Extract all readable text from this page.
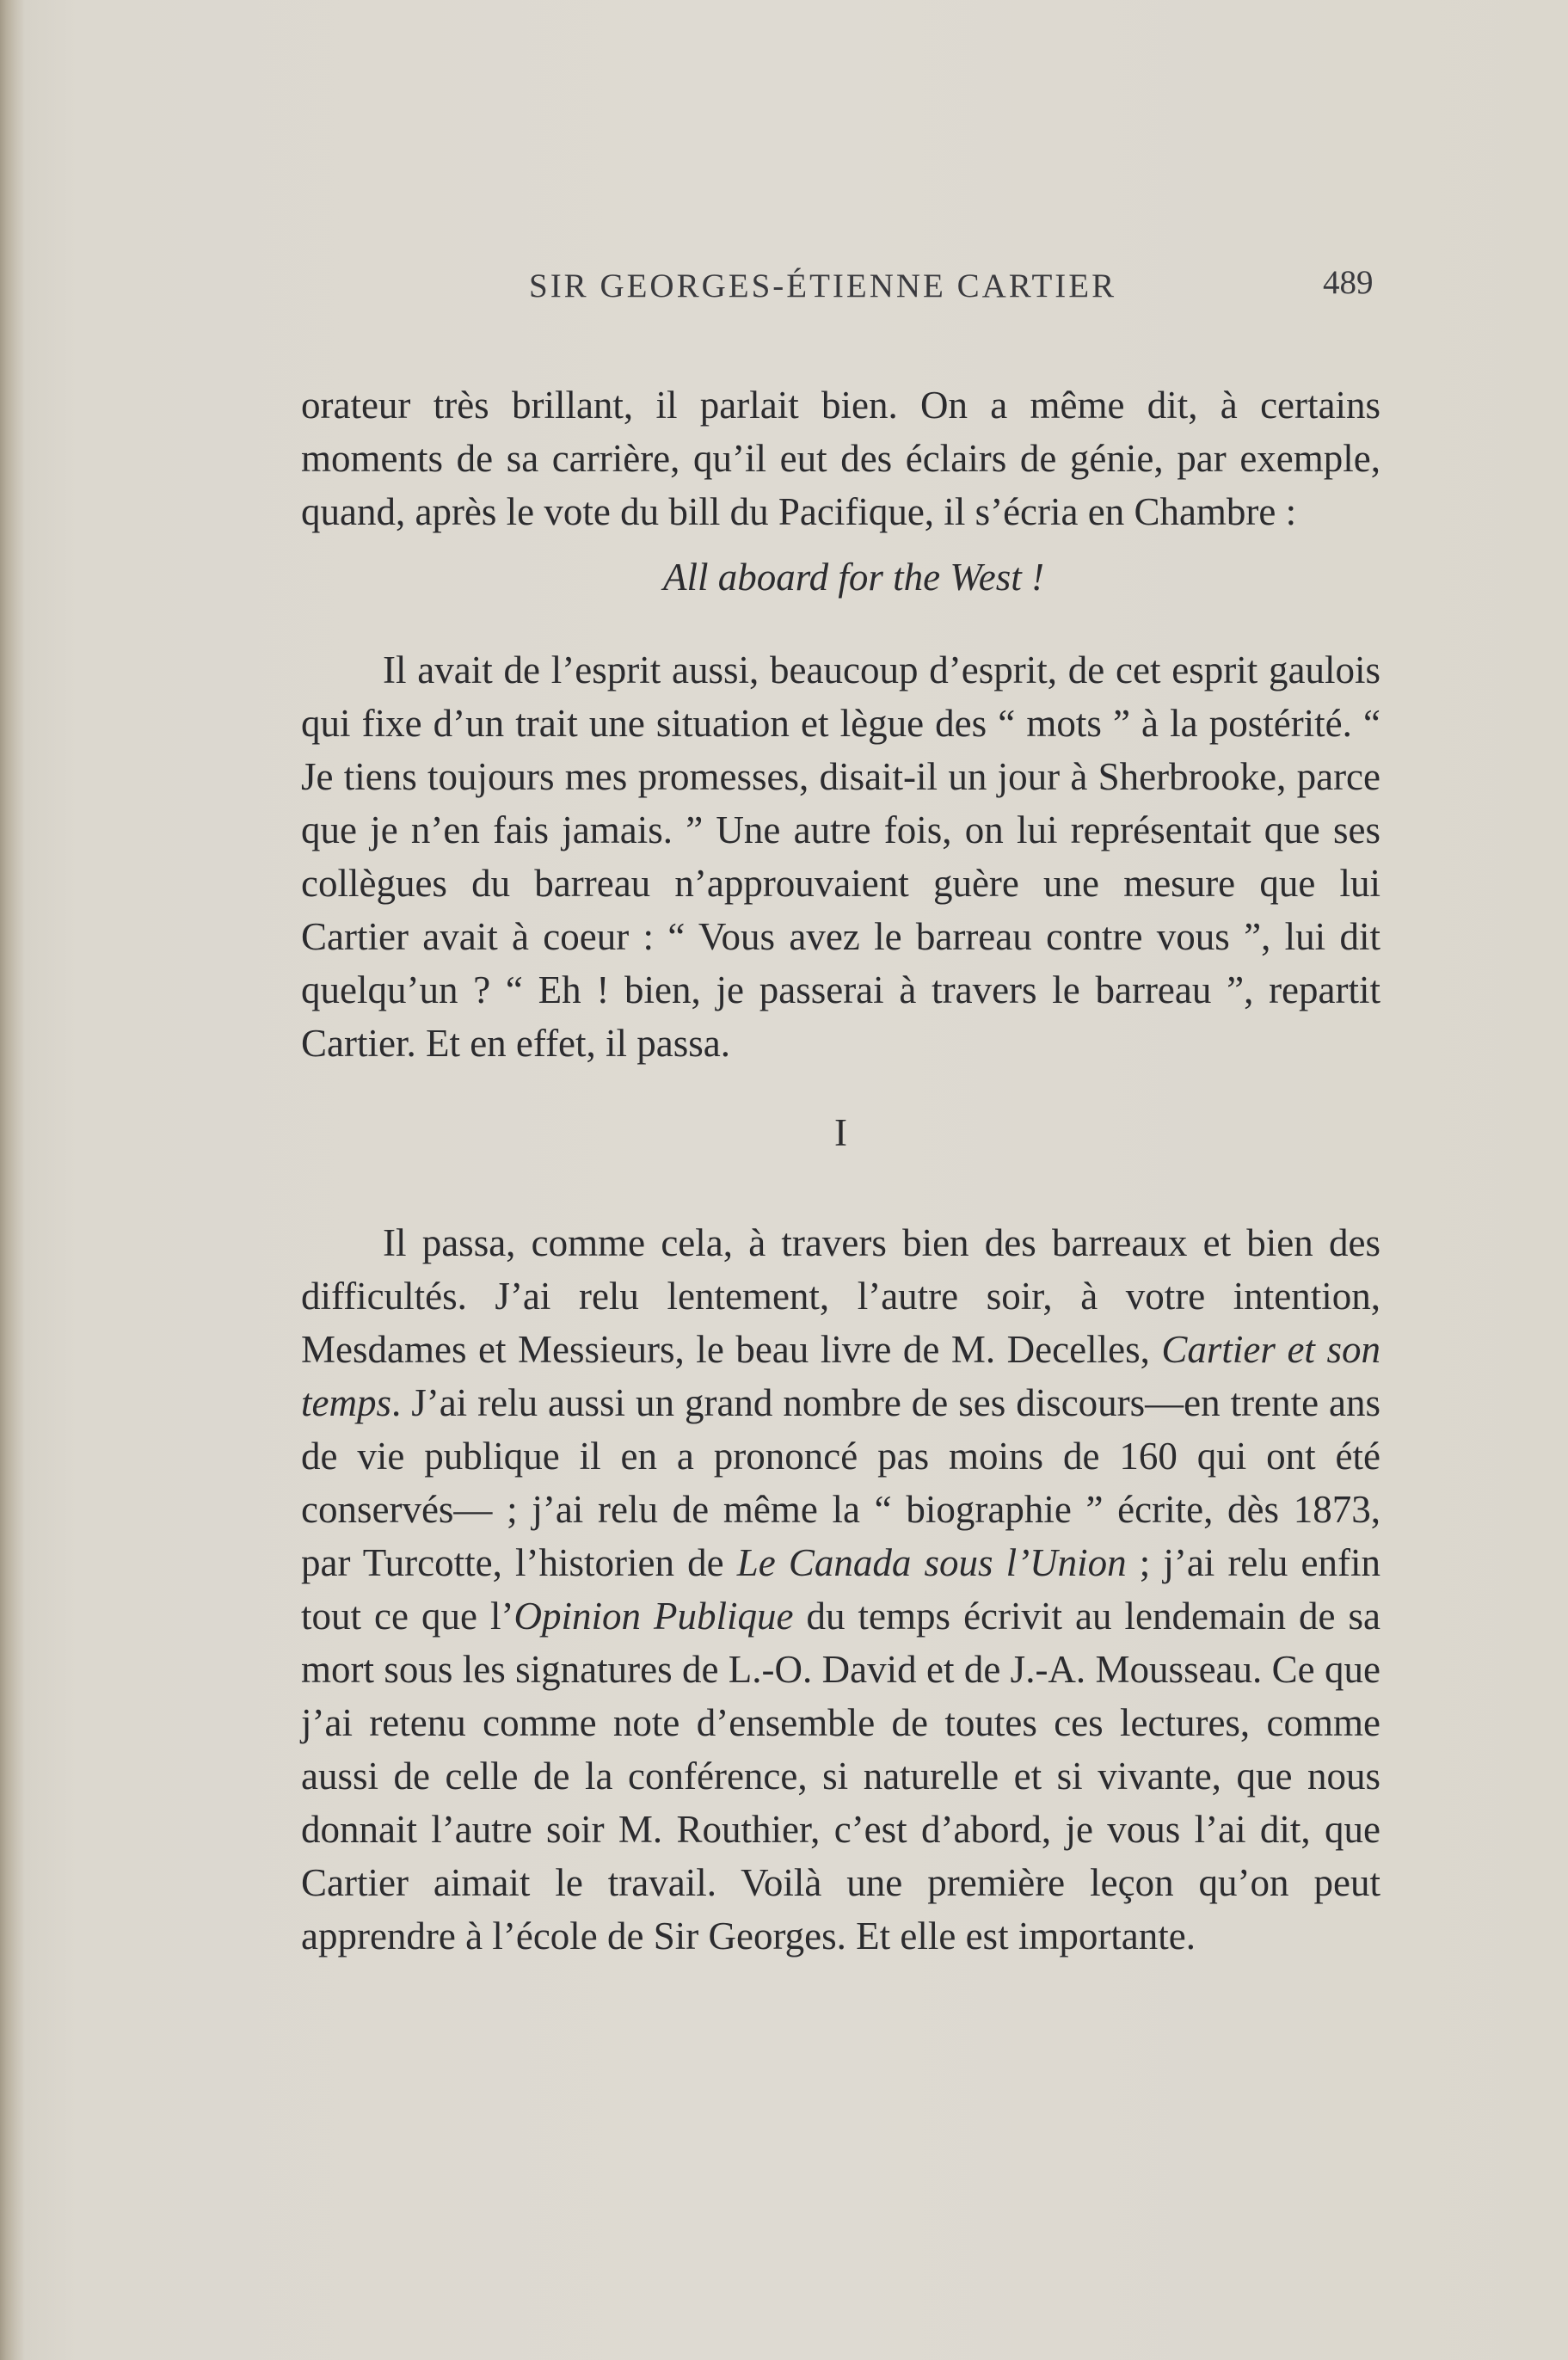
SIR GEORGES-ÉTIENNE CARTIER	489

orateur très brillant, il parlait bien. On a même dit, à certains moments de sa carrière, qu’il eut des éclairs de génie, par exemple, quand, après le vote du bill du Pacifique, il s’écria en Chambre :

All aboard for the West !

Il avait de l’esprit aussi, beaucoup d’esprit, de cet esprit gaulois qui fixe d’un trait une situation et lègue des “ mots ” à la postérité. “ Je tiens toujours mes promesses, disait-il un jour à Sherbrooke, parce que je n’en fais jamais. ” Une autre fois, on lui représentait que ses collègues du barreau n’approuvaient guère une mesure que lui Cartier avait à coeur : “ Vous avez le barreau contre vous ”, lui dit quelqu’un ? “ Eh ! bien, je passerai à travers le barreau ”, repartit Cartier. Et en effet, il passa.

I

Il passa, comme cela, à travers bien des barreaux et bien des difficultés. J’ai relu lentement, l’autre soir, à votre intention, Mesdames et Messieurs, le beau livre de M. Decelles, Cartier et son temps. J’ai relu aussi un grand nombre de ses discours—en trente ans de vie publique il en a prononcé pas moins de 160 qui ont été conservés— ; j’ai relu de même la “ biographie ” écrite, dès 1873, par Turcotte, l’historien de Le Canada sous l’Union ; j’ai relu enfin tout ce que l’Opinion Publique du temps écrivit au lendemain de sa mort sous les signatures de L.-O. David et de J.-A. Mousseau. Ce que j’ai retenu comme note d’ensemble de toutes ces lectures, comme aussi de celle de la conférence, si naturelle et si vivante, que nous donnait l’autre soir M. Routhier, c’est d’abord, je vous l’ai dit, que Cartier aimait le travail. Voilà une première leçon qu’on peut apprendre à l’école de Sir Georges. Et elle est importante.
